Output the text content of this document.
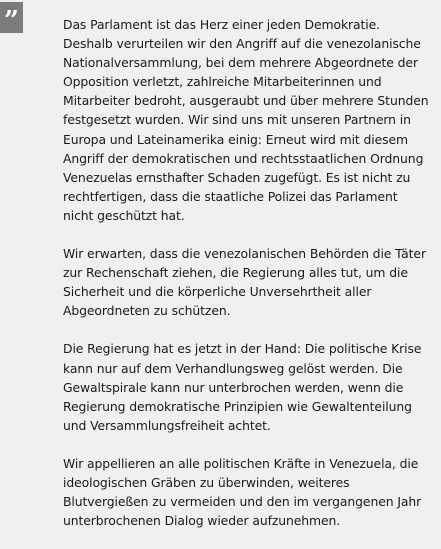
”	Das Parlament ist das Herz einer jeden Demokratie. Deshalb verurteilen wir den Angriff auf die venezolanische Nationalversammlung, bei dem mehrere Abgeordnete der Opposition verletzt, zahlreiche Mitarbeiterinnen und Mitarbeiter bedroht, ausgeraubt und über mehrere Stunden festgesetzt wurden. Wir sind uns mit unseren Partnern in Europa und Lateinamerika einig: Erneut wird mit diesem Angriff der demokratischen und rechtsstaatlichen Ordnung Venezuelas ernsthafter Schaden zugefügt. Es ist nicht zu rechtfertigen, dass die staatliche Polizei das Parlament nicht geschützt hat.

Wir erwarten, dass die venezolanischen Behörden die Täter zur Rechenschaft ziehen, die Regierung alles tut, um die Sicherheit und die körperliche Unversehrtheit aller Abgeordneten zu schützen.

Die Regierung hat es jetzt in der Hand: Die politische Krise kann nur auf dem Verhandlungsweg gelöst werden. Die Gewaltspirale kann nur unterbrochen werden, wenn die Regierung demokratische Prinzipien wie Gewaltenteilung und Versammlungsfreiheit achtet.

Wir appellieren an alle politischen Kräfte in Venezuela, die ideologischen Gräben zu überwinden, weiteres Blutvergießen zu vermeiden und den im vergangenen Jahr unterbrochenen Dialog wieder aufzunehmen.
